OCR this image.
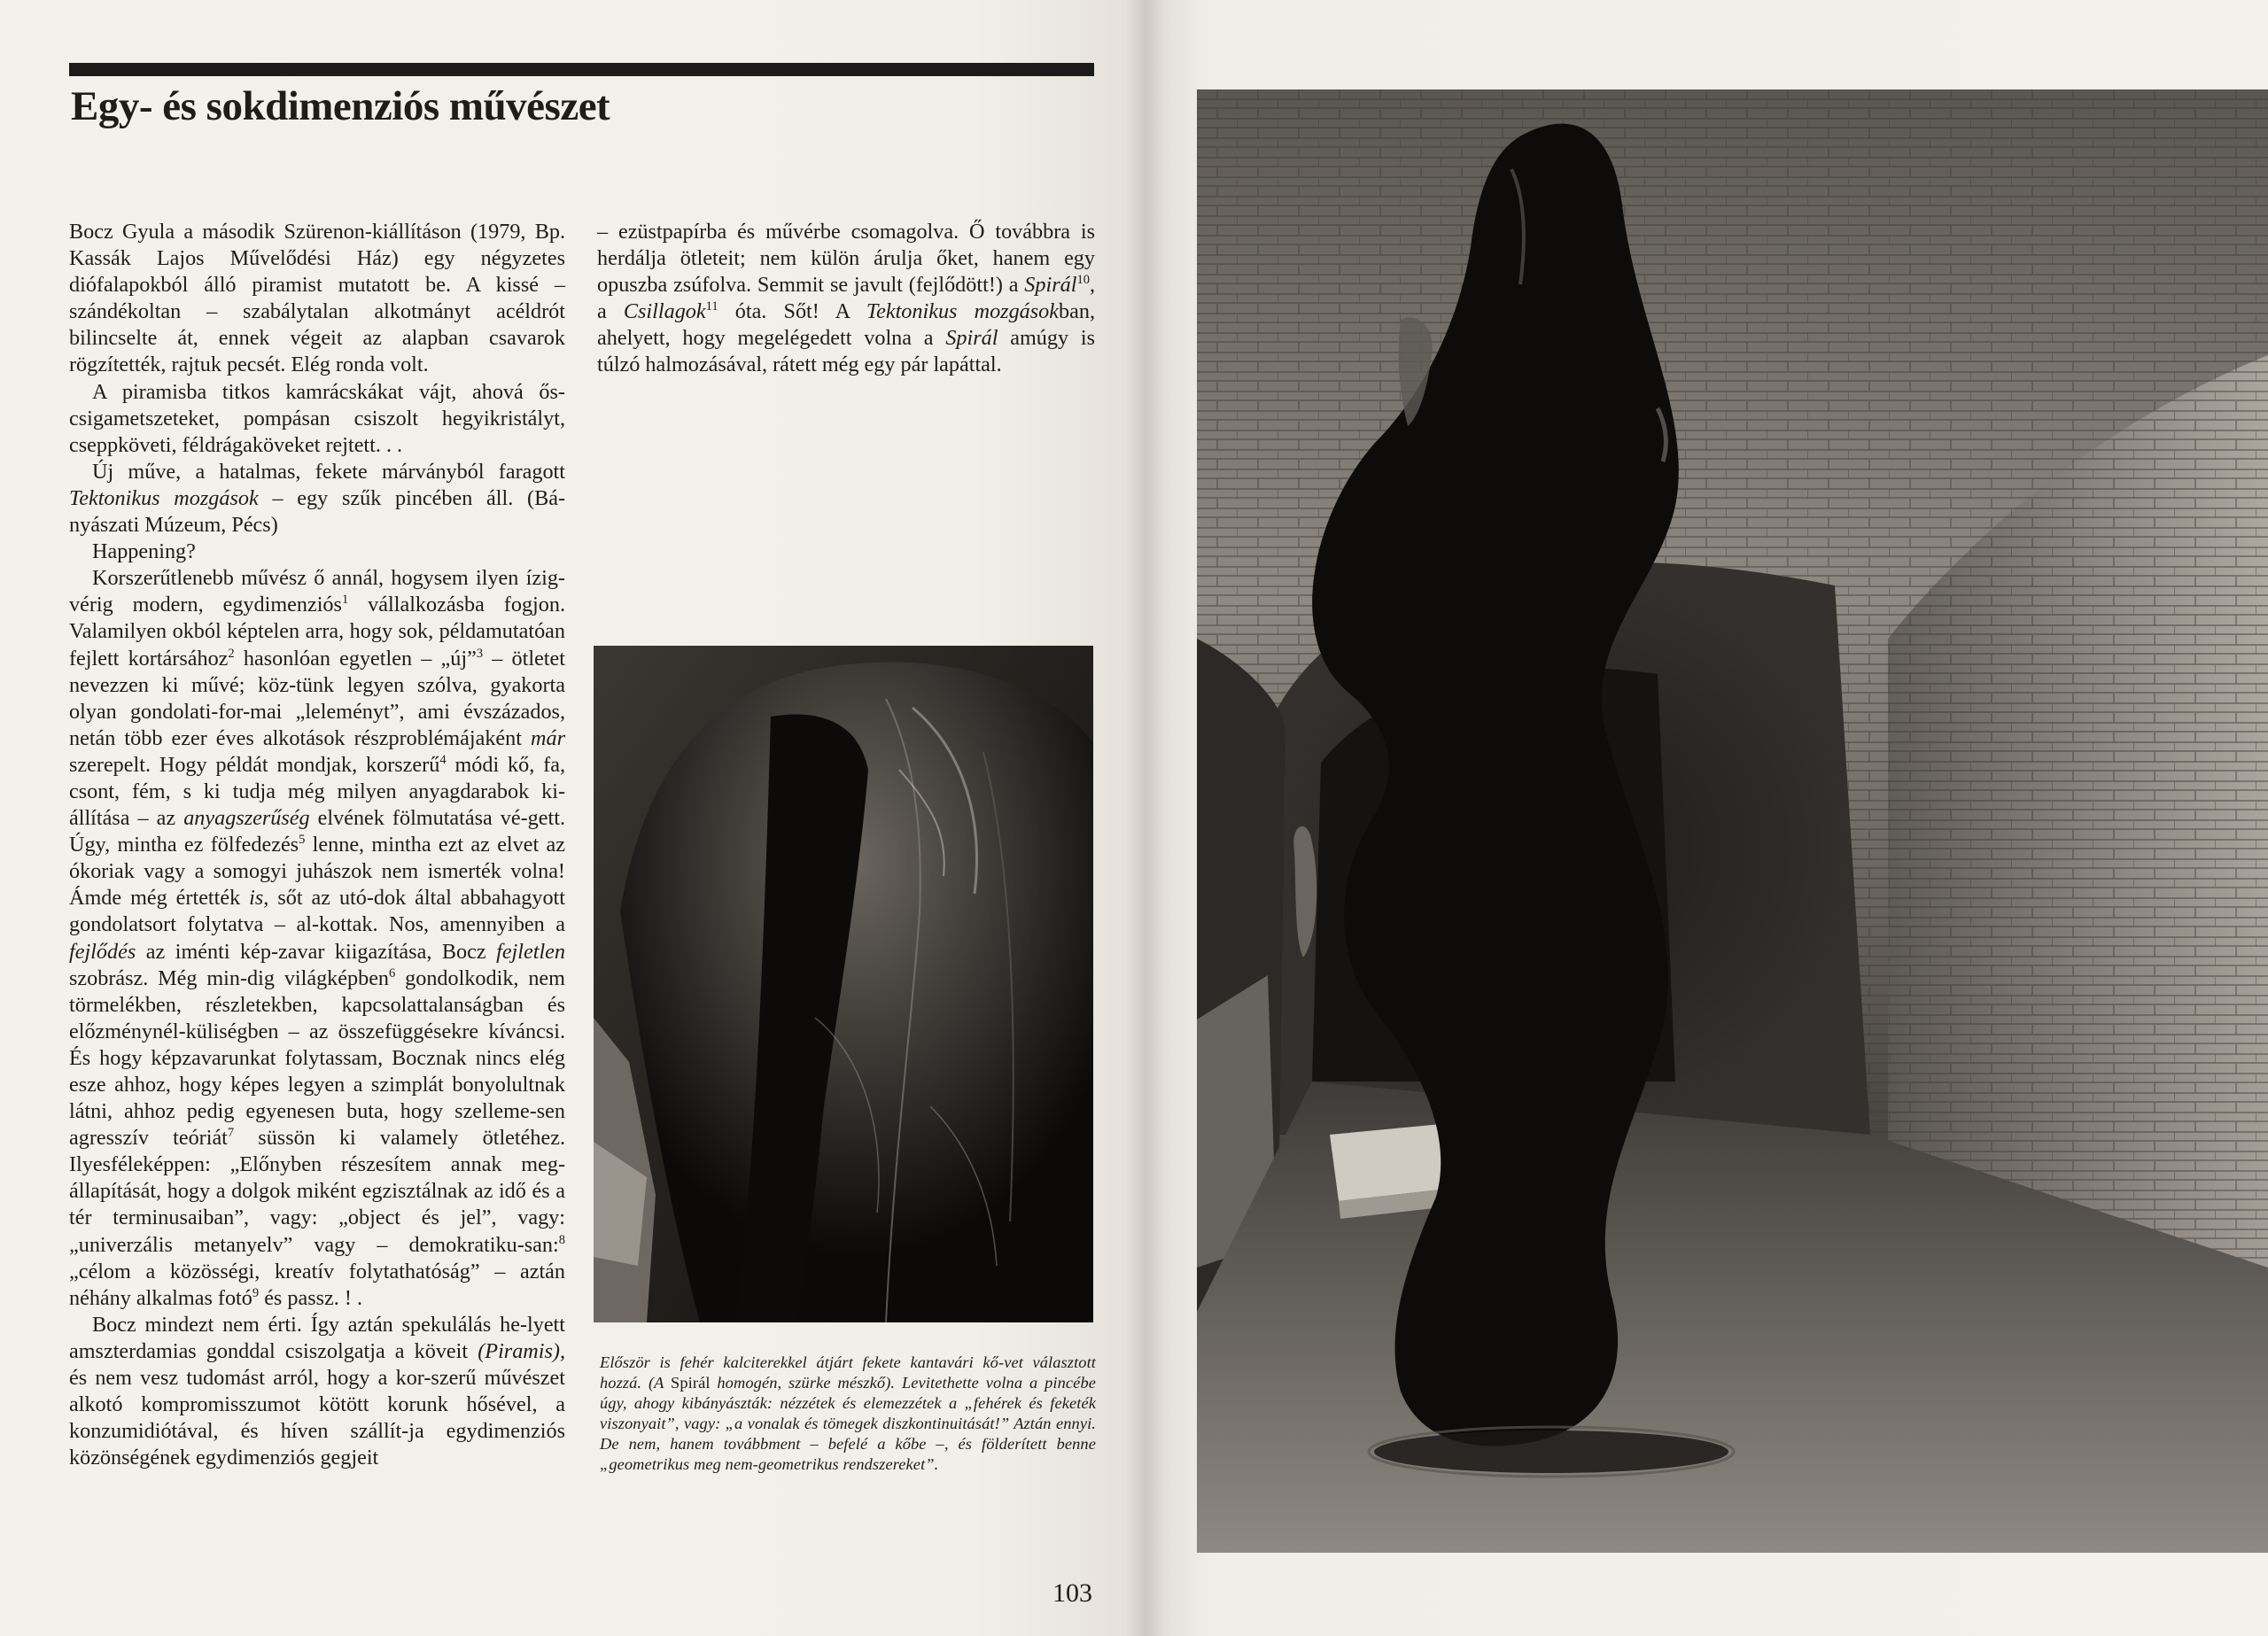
Egy- és sokdimenziós művészet

Bocz Gyula a második Szürenon-kiállításon (1979, Bp. Kassák Lajos Művelődési Ház) egy négyzetes diófalapokból álló piramist mutatott be. A kissé – szándékoltan – szabálytalan alkotmányt acéldrót bilincselte át, ennek végeit az alapban csavarok rögzítették, rajtuk pecsét. Elég ronda volt.

A piramisba titkos kamrácskákat vájt, ahová ős-csigametszeteket, pompásan csiszolt hegyikristályt, cseppköveti, féldrágaköveket rejtett. . .

Új műve, a hatalmas, fekete márványból faragott Tektonikus mozgások – egy szűk pincében áll. (Bá-nyászati Múzeum, Pécs)

Happening?

Korszerűtlenebb művész ő annál, hogysem ilyen ízig-vérig modern, egydimenziós$^1$ vállalkozásba fogjon. Valamilyen okból képtelen arra, hogy sok, példamutatóan fejlett kortársához$^2$ hasonlóan egyetlen – „új”$^3$ – ötletet nevezzen ki művé; köz-tünk legyen szólva, gyakorta olyan gondolati-for-mai „leleményt”, ami évszázados, netán több ezer éves alkotások részproblémájaként már szerepelt. Hogy példát mondjak, korszerű$^4$ módi kő, fa, csont, fém, s ki tudja még milyen anyagdarabok ki-állítása – az anyagszerűség elvének fölmutatása vé-gett. Úgy, mintha ez fölfedezés$^5$ lenne, mintha ezt az elvet az ókoriak vagy a somogyi juhászok nem ismerték volna! Ámde még értették is, sőt az utó-dok által abbahagyott gondolatsort folytatva – al-kottak. Nos, amennyiben a fejlődés az iménti kép-zavar kiigazítása, Bocz fejletlen szobrász. Még min-dig világképben$^6$ gondolkodik, nem törmelékben, részletekben, kapcsolattalanságban és előzménynél-küliségben – az összefüggésekre kíváncsi. És hogy képzavarunkat folytassam, Bocznak nincs elég esze ahhoz, hogy képes legyen a szimplát bonyolultnak látni, ahhoz pedig egyenesen buta, hogy szelleme-sen agresszív teóriát$^7$ süssön ki valamely ötletéhez. Ilyesféleképpen: „Előnyben részesítem annak meg-állapítását, hogy a dolgok miként egzisztálnak az idő és a tér terminusaiban”, vagy: „object és jel”, vagy: „univerzális metanyelv” vagy – demokratiku-san:$^8$ „célom a közösségi, kreatív folytathatóság” – aztán néhány alkalmas fotó$^9$ és passz. ! .

Bocz mindezt nem érti. Így aztán spekulálás he-lyett amszterdamias gonddal csiszolgatja a köveit (Piramis), és nem vesz tudomást arról, hogy a kor-szerű művészet alkotó kompromisszumot kötött korunk hősével, a konzumidiótával, és híven szállít-ja egydimenziós közönségének egydimenziós gegjeit

– ezüstpapírba és művérbe csomagolva. Ő továbbra is herdálja ötleteit; nem külön árulja őket, hanem egy opuszba zsúfolva. Semmit se javult (fejlődött!) a Spirál$^{10}$, a Csillagok$^{11}$ óta. Sőt! A Tektonikus mozgásokban, ahelyett, hogy megelégedett volna a Spirál amúgy is túlzó halmozásával, rátett még egy pár lapáttal.

Először is fehér kalciterekkel átjárt fekete kantavári kő-vet választott hozzá. (A Spirál homogén, szürke mészkő). Levitethette volna a pincébe úgy, ahogy kibányászták: nézzétek és elemezzétek a „fehérek és feketék viszonyait”, vagy: „a vonalak és tömegek diszkontinuitását!” Aztán ennyi. De nem, hanem továbbment – befelé a kőbe –, és földerített benne „geometrikus meg nem-geometrikus rendszereket”.
103
